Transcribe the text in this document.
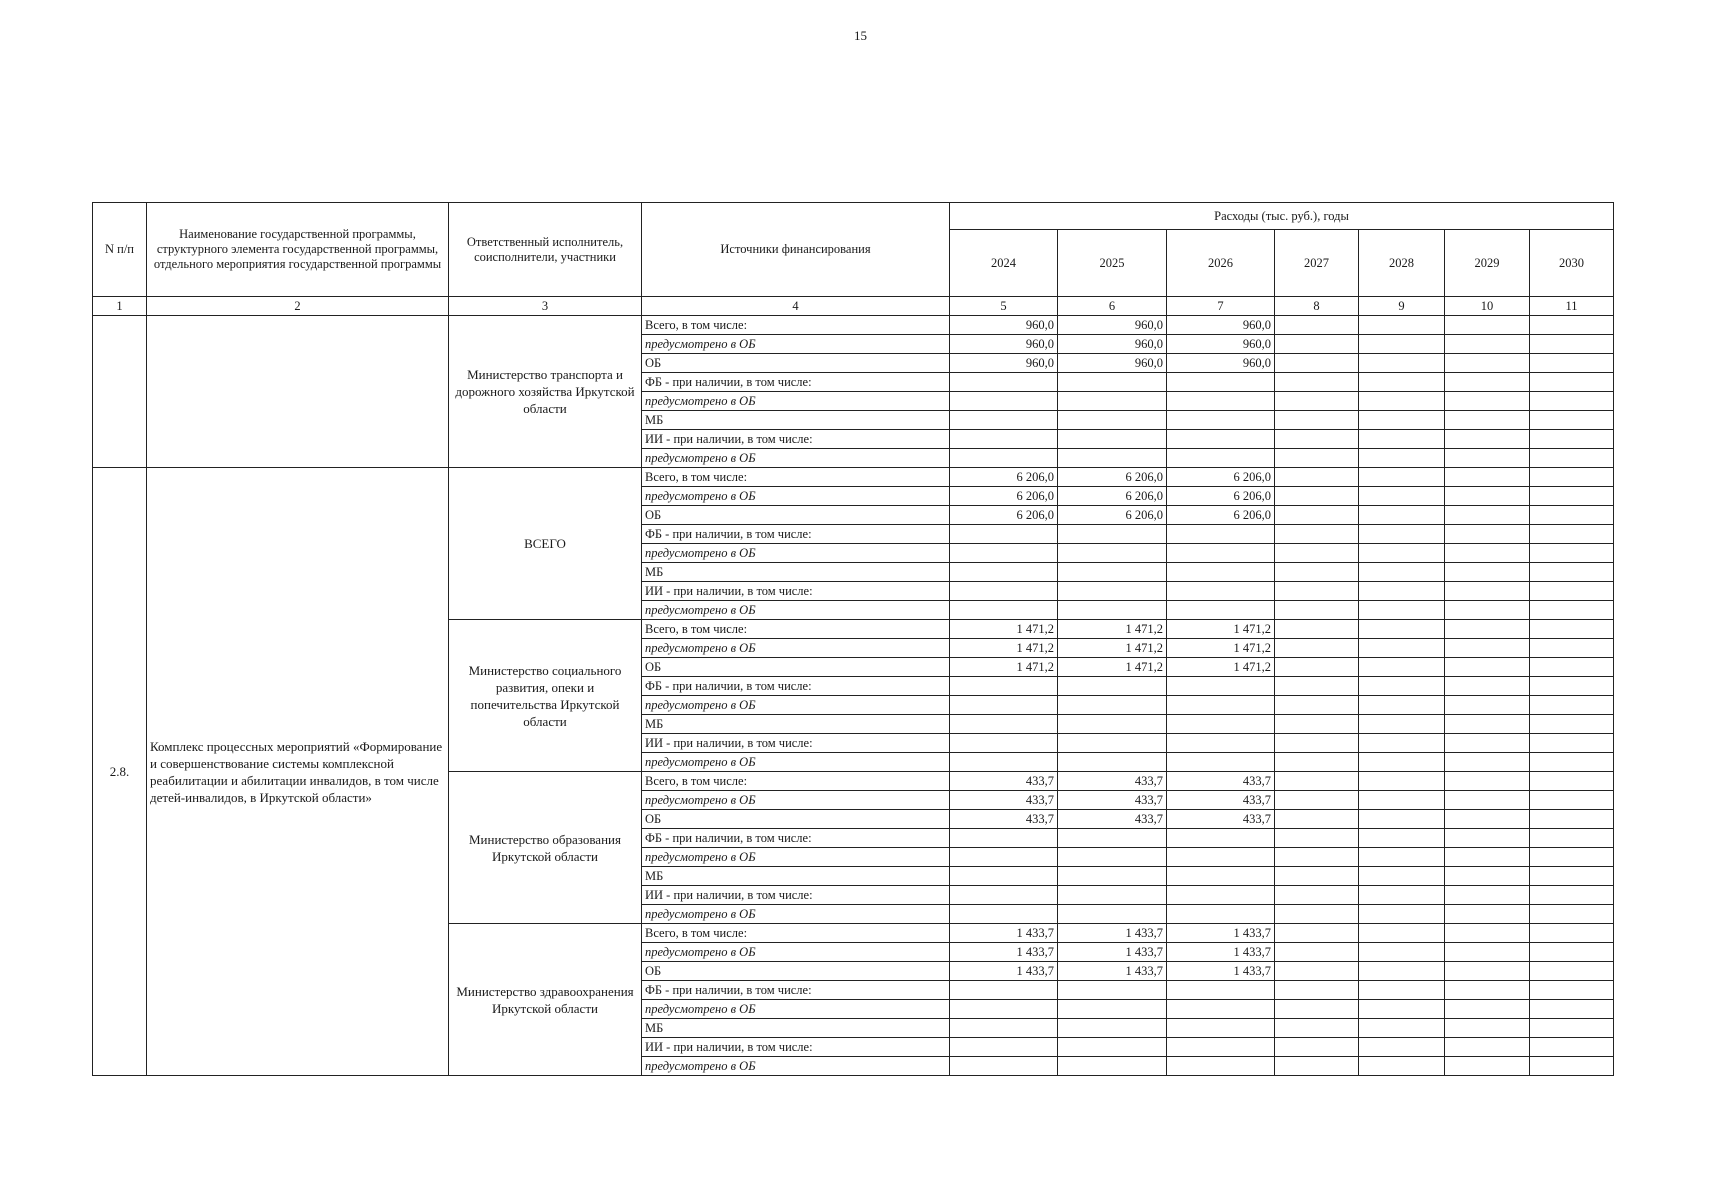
15
N п/п	Наименование государственной программы, структурного элемента государственной программы, отдельного мероприятия государственной программы	Ответственный исполнитель, соисполнители, участники	Источники финансирования	Расходы (тыс. руб.), годы						
				2024	2025	2026	2027	2028	2029	2030
1	2	3	4	5	6	7	8	9	10	11
		Министерство транспорта и дорожного хозяйства Иркутской области	Всего, в том числе:	960,0	960,0	960,0				
			предусмотрено в ОБ	960,0	960,0	960,0				
			ОБ	960,0	960,0	960,0				
			ФБ - при наличии, в том числе:							
			предусмотрено в ОБ							
			МБ							
			ИИ - при наличии, в том числе:							
			предусмотрено в ОБ							
2.8.	Комплекс процессных мероприятий «Формирование и совершенствование системы комплексной реабилитации и абилитации инвалидов, в том числе детей-инвалидов, в Иркутской области»	ВСЕГО	Всего, в том числе:	6 206,0	6 206,0	6 206,0				
			предусмотрено в ОБ	6 206,0	6 206,0	6 206,0				
			ОБ	6 206,0	6 206,0	6 206,0				
			ФБ - при наличии, в том числе:							
			предусмотрено в ОБ							
			МБ							
			ИИ - при наличии, в том числе:							
			предусмотрено в ОБ							
		Министерство социального развития, опеки и попечительства Иркутской области	Всего, в том числе:	1 471,2	1 471,2	1 471,2				
			предусмотрено в ОБ	1 471,2	1 471,2	1 471,2				
			ОБ	1 471,2	1 471,2	1 471,2				
			ФБ - при наличии, в том числе:							
			предусмотрено в ОБ							
			МБ							
			ИИ - при наличии, в том числе:							
			предусмотрено в ОБ							
		Министерство образования Иркутской области	Всего, в том числе:	433,7	433,7	433,7				
			предусмотрено в ОБ	433,7	433,7	433,7				
			ОБ	433,7	433,7	433,7				
			ФБ - при наличии, в том числе:							
			предусмотрено в ОБ							
			МБ							
			ИИ - при наличии, в том числе:							
			предусмотрено в ОБ							
		Министерство здравоохранения Иркутской области	Всего, в том числе:	1 433,7	1 433,7	1 433,7				
			предусмотрено в ОБ	1 433,7	1 433,7	1 433,7				
			ОБ	1 433,7	1 433,7	1 433,7				
			ФБ - при наличии, в том числе:							
			предусмотрено в ОБ							
			МБ							
			ИИ - при наличии, в том числе:							
			предусмотрено в ОБ							
